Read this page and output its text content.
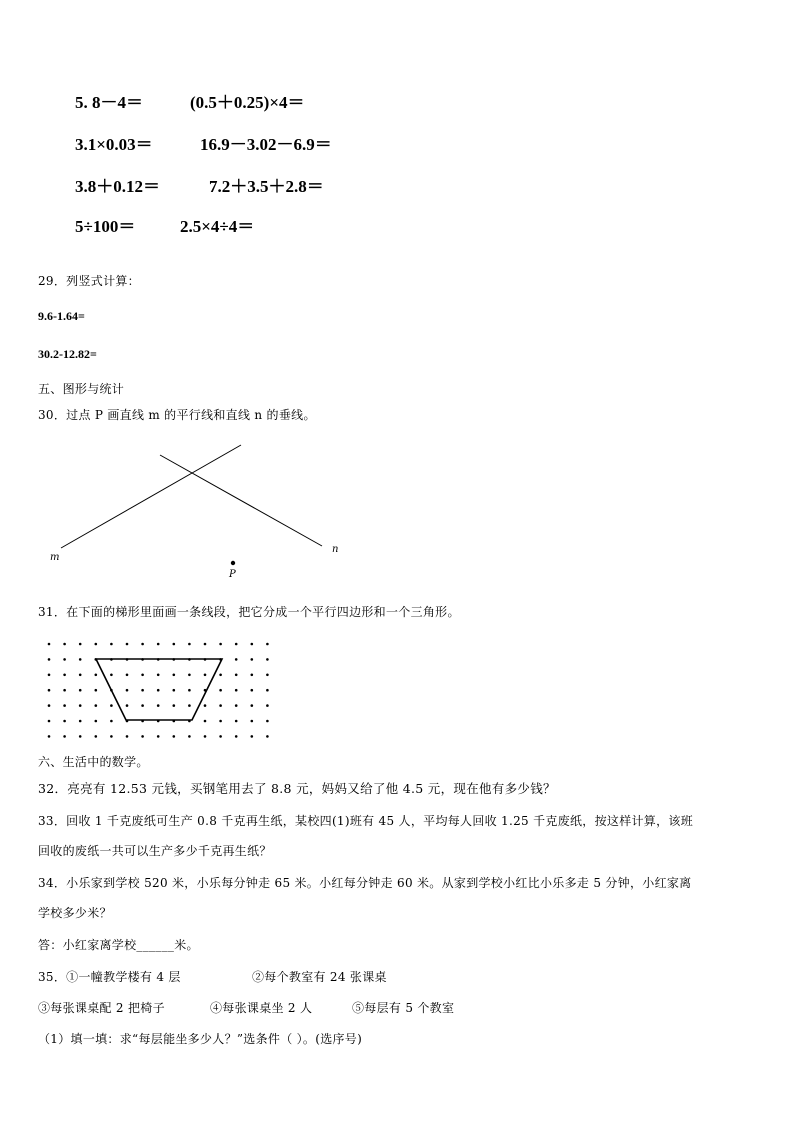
5. 8－4＝	(0.5＋0.25)×4＝
3.1×0.03＝	16.9－3.02－6.9＝
3.8＋0.12＝	7.2＋3.5＋2.8＝
5÷100＝	2.5×4÷4＝
29．列竖式计算：
9.6-1.64=
30.2-12.82=
五、图形与统计
30．过点 P 画直线 m 的平行线和直线 n 的垂线。
m
n
P
31．在下面的梯形里面画一条线段，把它分成一个平行四边形和一个三角形。
六、生活中的数学。
32．亮亮有 12.53 元钱，买钢笔用去了 8.8 元，妈妈又给了他 4.5 元，现在他有多少钱？
33．回收 1 千克废纸可生产 0.8 千克再生纸，某校四(1)班有 45 人，平均每人回收 1.25 千克废纸，按这样计算，该班
回收的废纸一共可以生产多少千克再生纸？
34．小乐家到学校 520 米，小乐每分钟走 65 米。小红每分钟走 60 米。从家到学校小红比小乐多走 5 分钟，小红家离
学校多少米？
答：小红家离学校______米。
35．①一幢教学楼有 4 层	②每个教室有 24 张课桌
③每张课桌配 2 把椅子	④每张课桌坐 2 人	⑤每层有 5 个教室
（1）填一填：求“每层能坐多少人？”选条件（ ）。(选序号)
